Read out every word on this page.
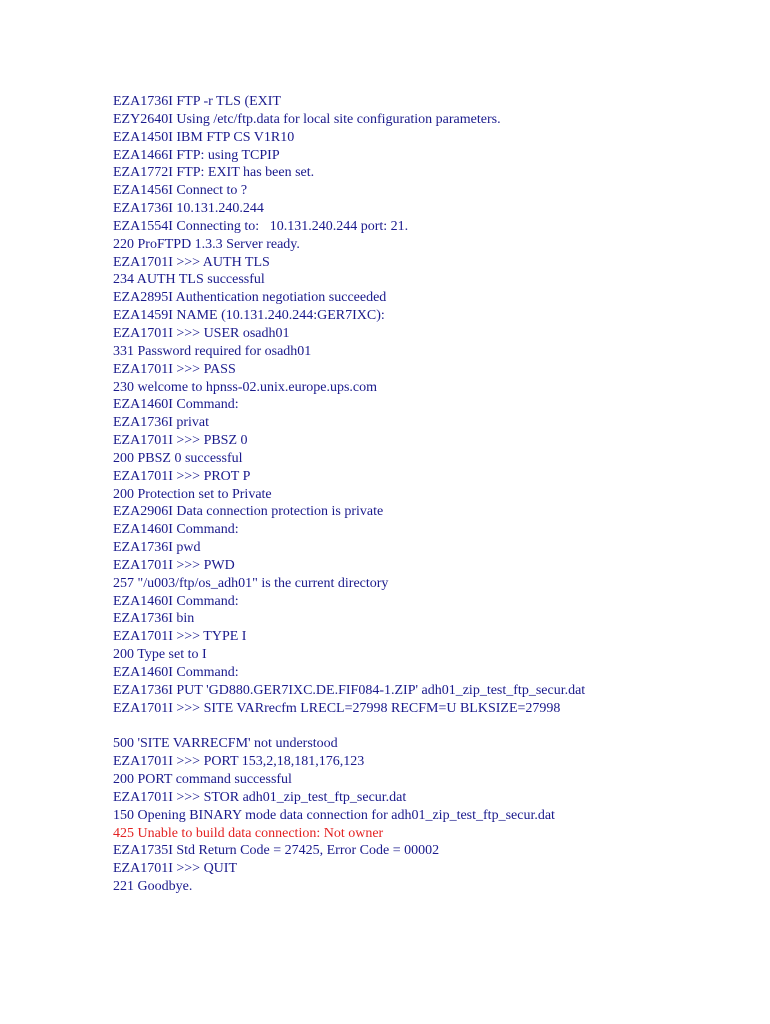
EZA1736I FTP -r TLS (EXIT
EZY2640I Using /etc/ftp.data for local site configuration parameters.
EZA1450I IBM FTP CS V1R10
EZA1466I FTP: using TCPIP
EZA1772I FTP: EXIT has been set.
EZA1456I Connect to ?
EZA1736I 10.131.240.244
EZA1554I Connecting to:   10.131.240.244 port: 21.
220 ProFTPD 1.3.3 Server ready.
EZA1701I >>> AUTH TLS
234 AUTH TLS successful
EZA2895I Authentication negotiation succeeded
EZA1459I NAME (10.131.240.244:GER7IXC):
EZA1701I >>> USER osadh01
331 Password required for osadh01
EZA1701I >>> PASS
230 welcome to hpnss-02.unix.europe.ups.com
EZA1460I Command:
EZA1736I privat
EZA1701I >>> PBSZ 0
200 PBSZ 0 successful
EZA1701I >>> PROT P
200 Protection set to Private
EZA2906I Data connection protection is private
EZA1460I Command:
EZA1736I pwd
EZA1701I >>> PWD
257 "/u003/ftp/os_adh01" is the current directory
EZA1460I Command:
EZA1736I bin
EZA1701I >>> TYPE I
200 Type set to I
EZA1460I Command:
EZA1736I PUT 'GD880.GER7IXC.DE.FIF084-1.ZIP' adh01_zip_test_ftp_secur.dat
EZA1701I >>> SITE VARrecfm LRECL=27998 RECFM=U BLKSIZE=27998
500 'SITE VARRECFM' not understood
EZA1701I >>> PORT 153,2,18,181,176,123
200 PORT command successful
EZA1701I >>> STOR adh01_zip_test_ftp_secur.dat
150 Opening BINARY mode data connection for adh01_zip_test_ftp_secur.dat
425 Unable to build data connection: Not owner
EZA1735I Std Return Code = 27425, Error Code = 00002
EZA1701I >>> QUIT
221 Goodbye.
